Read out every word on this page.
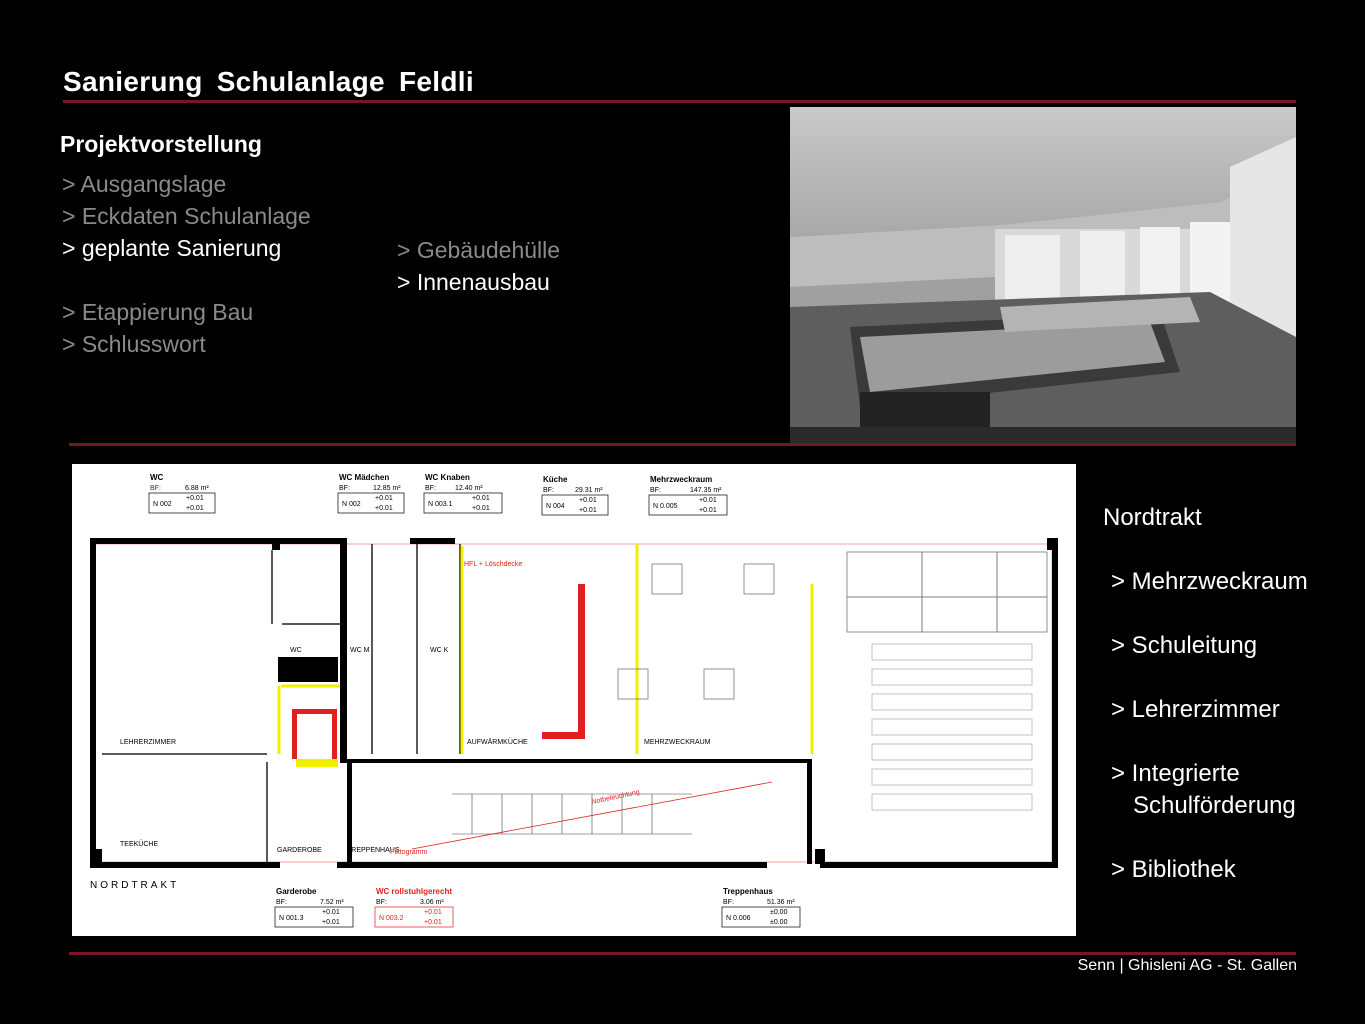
Sanierung Schulanlage Feldli
Projektvorstellung
> Ausgangslage
> Eckdaten Schulanlage
> geplante Sanierung
> Etappierung Bau
> Schlusswort
> Gebäudehülle
> Innenausbau
WC
BF:	6.88 m²
N 002
+0.01
+0.01
WC Mädchen
BF:	12.85 m²
N 002
+0.01
+0.01
WC Knaben
BF:	12.40 m²
N 003.1
+0.01
+0.01
Küche
BF:	29.31 m²
N 004
+0.01
+0.01
Mehrzweckraum
BF:	147.35 m²
N 0.005
+0.01
+0.01
LEHRERZIMMER
TEEKÜCHE
GARDEROBE	TREPPENHAUS
AUFWÄRMKÜCHE	MEHRZWECKRAUM
WC	WC M	WC K
HFL + Löschdecke
Notbeleuchtung
Piktogramm
NORDTRAKT
Garderobe
BF:	7.52 m²
N 001.3
+0.01
+0.01
WC rollstuhlgerecht
BF:	3.06 m²
N 003.2
+0.01
+0.01
Treppenhaus
BF:	51.36 m²
N 0.006
±0.00
±0.00
Nordtrakt
> Mehrzweckraum
> Schuleitung
> Lehrerzimmer
> Integrierte
Schulförderung
> Bibliothek
Senn | Ghisleni AG - St. Gallen
